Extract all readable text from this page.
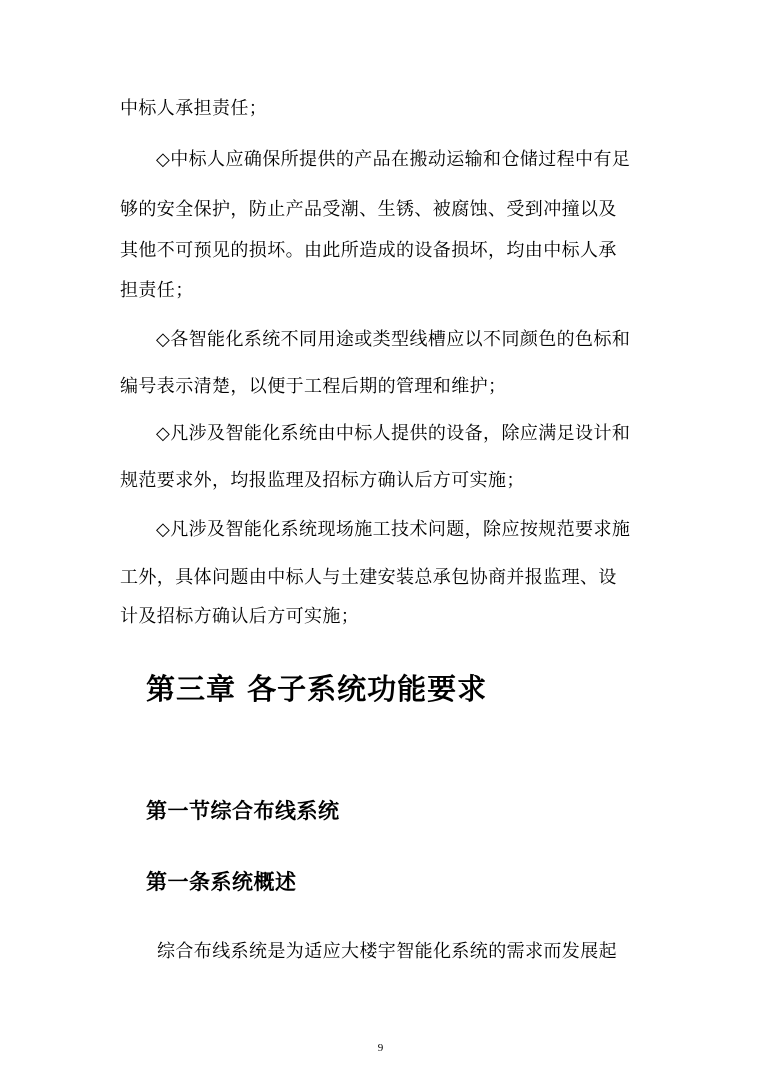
中标人承担责任；
◇中标人应确保所提供的产品在搬动运输和仓储过程中有足
够的安全保护，防止产品受潮、生锈、被腐蚀、受到冲撞以及
其他不可预见的损坏。由此所造成的设备损坏，均由中标人承
担责任；
◇各智能化系统不同用途或类型线槽应以不同颜色的色标和
编号表示清楚，以便于工程后期的管理和维护；
◇凡涉及智能化系统由中标人提供的设备，除应满足设计和
规范要求外，均报监理及招标方确认后方可实施；
◇凡涉及智能化系统现场施工技术问题，除应按规范要求施
工外，具体问题由中标人与土建安装总承包协商并报监理、设
计及招标方确认后方可实施；
第三章 各子系统功能要求
第一节综合布线系统
第一条系统概述
综合布线系统是为适应大楼宇智能化系统的需求而发展起
9
